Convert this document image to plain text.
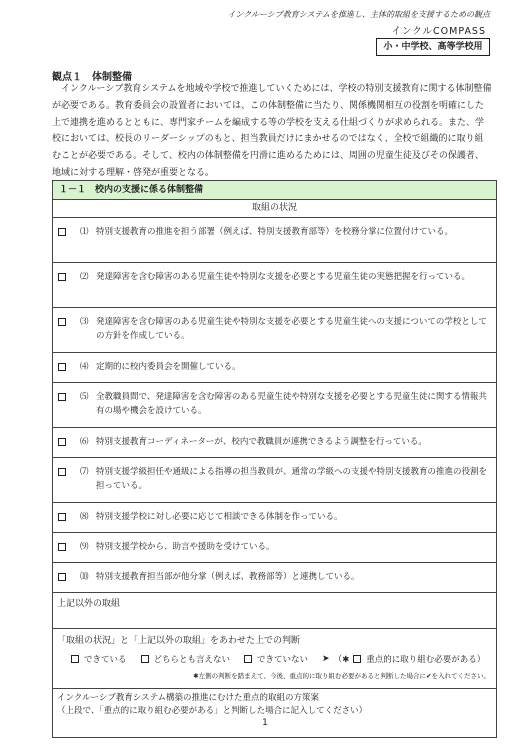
インクルーシブ教育システムを推進し、主体的取組を支援するための観点
インクルCOMPASS
小・中学校、高等学校用
観点１　体制整備

インクルーシブ教育システムを地域や学校で推進していくためには、学校の特別支援教育に関する体制整備が必要である。教育委員会の設置者においては、この体制整備に当たり、関係機関相互の役割を明確にした上で連携を進めるとともに、専門家チームを編成する等の学校を支える仕組づくりが求められる。また、学校においては、校長のリーダーシップのもと、担当教員だけにまかせるのではなく、全校で組織的に取り組むことが必要である。そして、校内の体制整備を円滑に進めるためには、周囲の児童生徒及びその保護者、地域に対する理解・啓発が重要となる。

１－１　校内の支援に係る体制整備
取組の状況
⑴ 特別支援教育の推進を担う部署（例えば、特別支援教育部等）を校務分掌に位置付けている。
⑵ 発達障害を含む障害のある児童生徒や特別な支援を必要とする児童生徒の実態把握を行っている。
⑶ 発達障害を含む障害のある児童生徒や特別な支援を必要とする児童生徒への支援についての学校としての方針を作成している。
⑷ 定期的に校内委員会を開催している。
⑸ 全教職員間で、発達障害を含む障害のある児童生徒や特別な支援を必要とする児童生徒に関する情報共有の場や機会を設けている。
⑹ 特別支援教育コーディネーターが、校内で教職員が連携できるよう調整を行っている。
⑺ 特別支援学級担任や通級による指導の担当教員が、通常の学級への支援や特別支援教育の推進の役割を担っている。
⑻ 特別支援学校に対し必要に応じて相談できる体制を作っている。
⑼ 特別支援学校から、助言や援助を受けている。
⑽ 特別支援教育担当部が他分掌（例えば、教務部等）と連携している。
上記以外の取組
「取組の状況」と「上記以外の取組」をあわせた上での判断
できている	どちらとも言えない	できていない ➤ （✱ 重点的に取り組む必要がある）
✱左側の判断を踏まえて、今後、重点的に取り組む必要があると判断した場合に✔を入れてください。
インクルーシブ教育システム構築の推進にむけた重点的取組の方策案
（上段で、「重点的に取り組む必要がある」と判断した場合に記入してください）
1
